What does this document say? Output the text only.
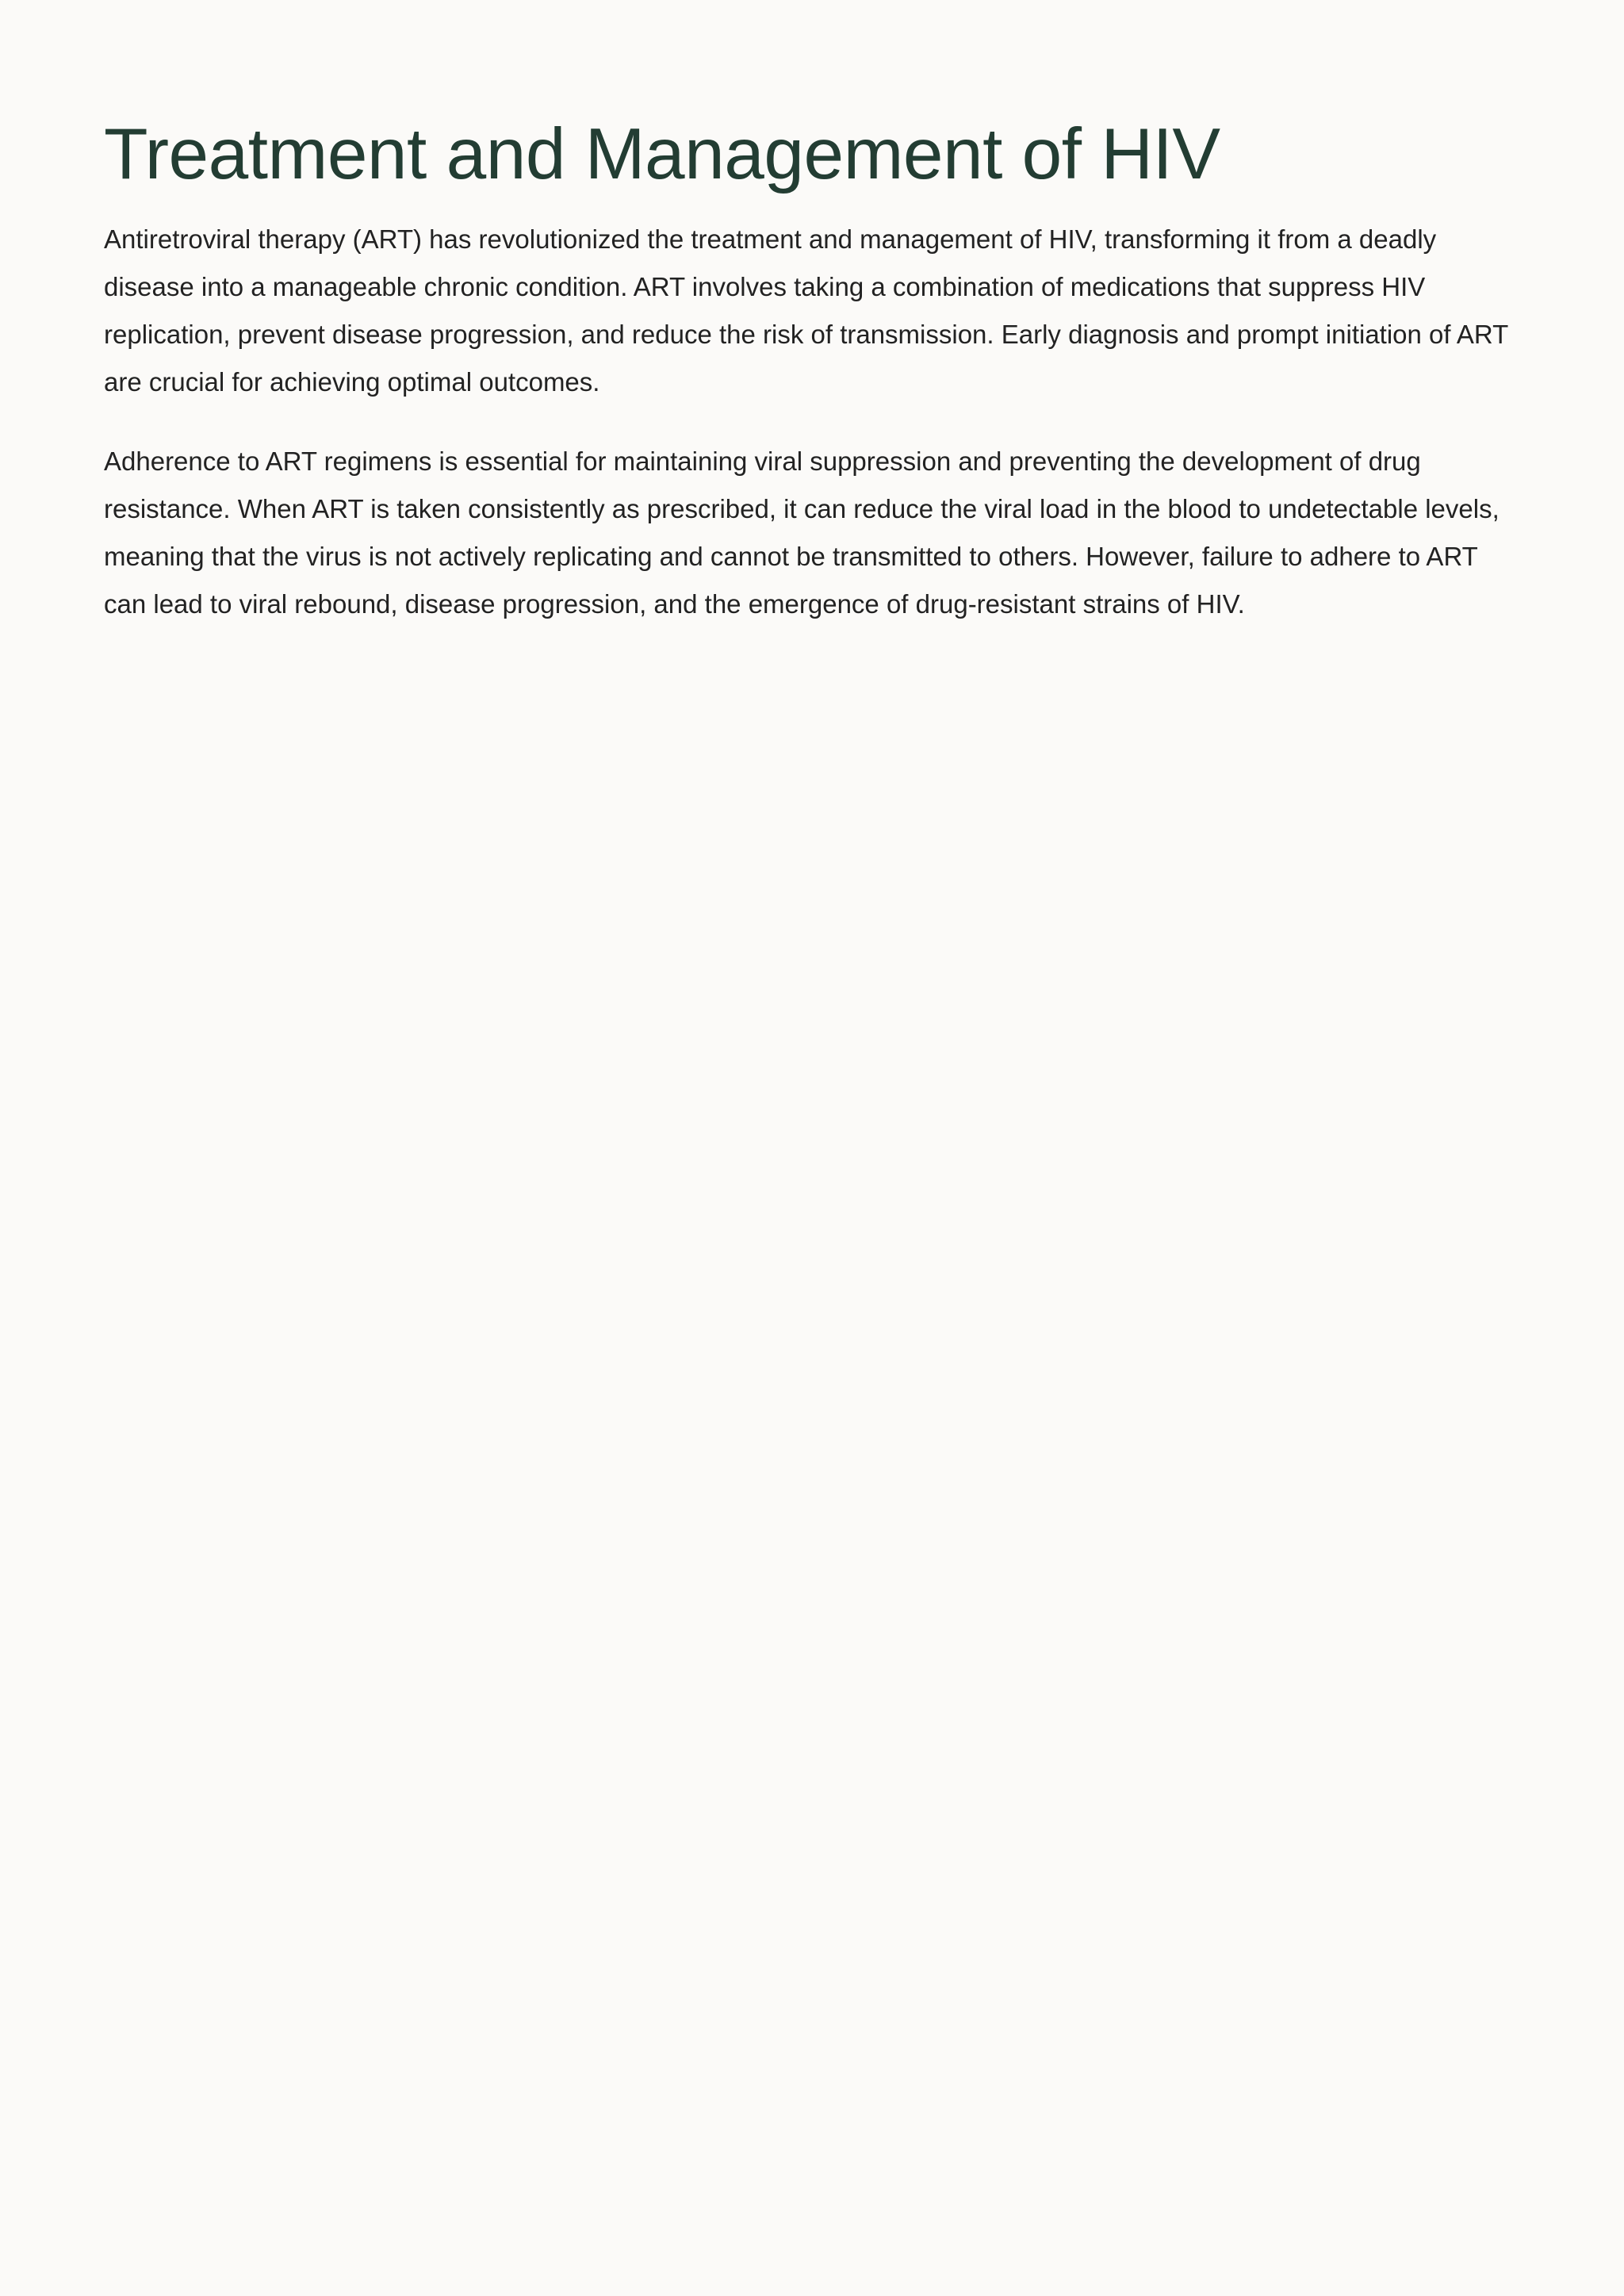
Treatment and Management of HIV

Antiretroviral therapy (ART) has revolutionized the treatment and management of HIV, transforming it from a deadly disease into a manageable chronic condition. ART involves taking a combination of medications that suppress HIV replication, prevent disease progression, and reduce the risk of transmission. Early diagnosis and prompt initiation of ART are crucial for achieving optimal outcomes.

Adherence to ART regimens is essential for maintaining viral suppression and preventing the development of drug resistance. When ART is taken consistently as prescribed, it can reduce the viral load in the blood to undetectable levels, meaning that the virus is not actively replicating and cannot be transmitted to others. However, failure to adhere to ART can lead to viral rebound, disease progression, and the emergence of drug-resistant strains of HIV.
